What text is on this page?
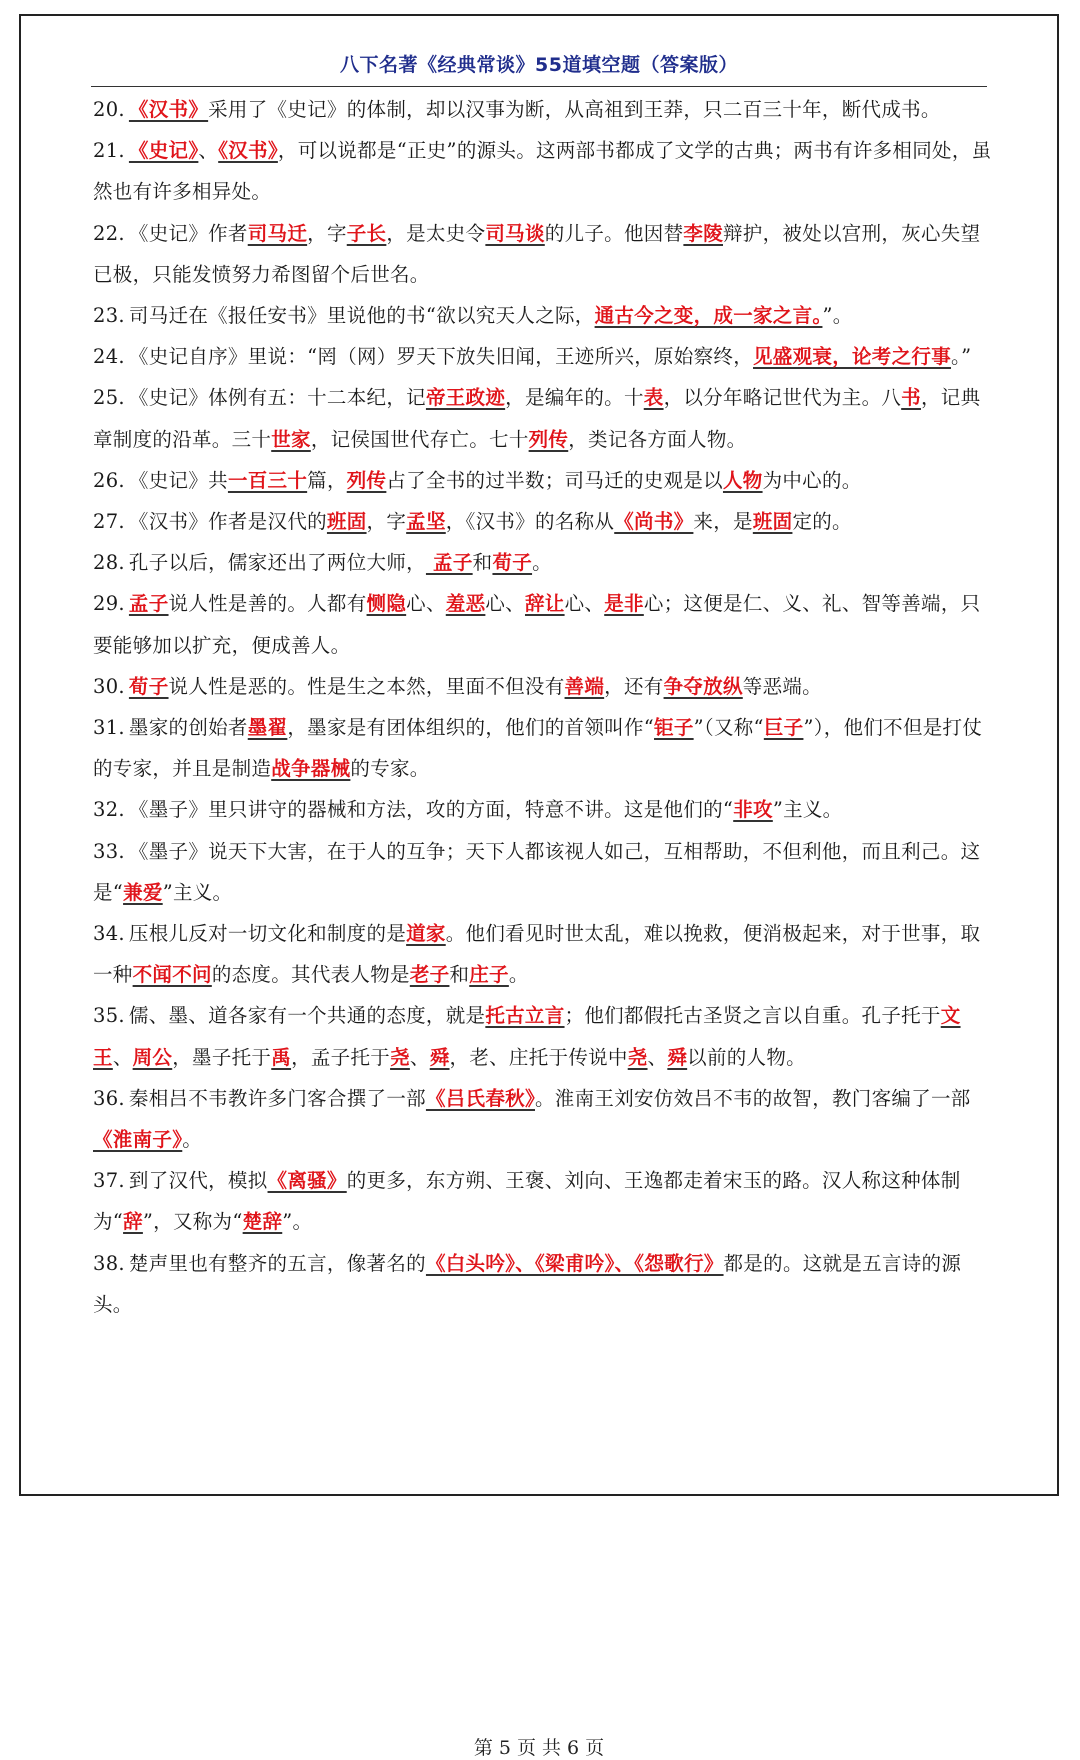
八下名著《经典常谈》55道填空题（答案版）

20. 《汉书》采用了《史记》的体制，却以汉事为断，从高祖到王莽，只二百三十年，断代成书。

21. 《史记》、《汉书》，可以说都是“正史”的源头。这两部书都成了文学的古典；两书有许多相同处，虽然也有许多相异处。

22. 《史记》作者司马迁，字子长，是太史令司马谈的儿子。他因替李陵辩护，被处以宫刑，灰心失望已极，只能发愤努力希图留个后世名。

23. 司马迁在《报任安书》里说他的书“欲以究天人之际，通古今之变，成一家之言。”。

24. 《史记自序》里说：“罔（网）罗天下放失旧闻，王迹所兴，原始察终，见盛观衰，论考之行事。”

25. 《史记》体例有五：十二本纪，记帝王政迹，是编年的。十表，以分年略记世代为主。八书，记典章制度的沿革。三十世家，记侯国世代存亡。七十列传，类记各方面人物。

26. 《史记》共一百三十篇，列传占了全书的过半数；司马迁的史观是以人物为中心的。

27. 《汉书》作者是汉代的班固，字孟坚，《汉书》的名称从《尚书》来，是班固定的。

28. 孔子以后，儒家还出了两位大师， 孟子和荀子。

29. 孟子说人性是善的。人都有恻隐心、羞恶心、辞让心、是非心；这便是仁、义、礼、智等善端，只要能够加以扩充，便成善人。

30. 荀子说人性是恶的。性是生之本然，里面不但没有善端，还有争夺放纵等恶端。

31. 墨家的创始者墨翟，墨家是有团体组织的，他们的首领叫作“钜子”（又称“巨子”），他们不但是打仗的专家，并且是制造战争器械的专家。

32. 《墨子》里只讲守的器械和方法，攻的方面，特意不讲。这是他们的“非攻”主义。

33. 《墨子》说天下大害，在于人的互争；天下人都该视人如己，互相帮助，不但利他，而且利己。这是“兼爱”主义。

34. 压根儿反对一切文化和制度的是道家。他们看见时世太乱，难以挽救，便消极起来，对于世事，取一种不闻不问的态度。其代表人物是老子和庄子。

35. 儒、墨、道各家有一个共通的态度，就是托古立言；他们都假托古圣贤之言以自重。孔子托于文王、周公，墨子托于禹，孟子托于尧、舜，老、庄托于传说中尧、舜以前的人物。

36. 秦相吕不韦教许多门客合撰了一部《吕氏春秋》。淮南王刘安仿效吕不韦的故智，教门客编了一部《淮南子》。

37. 到了汉代，模拟《离骚》的更多，东方朔、王褒、刘向、王逸都走着宋玉的路。汉人称这种体制为“辞”，又称为“楚辞”。

38. 楚声里也有整齐的五言，像著名的《白头吟》、《梁甫吟》、《怨歌行》都是的。这就是五言诗的源头。

第 5 页 共 6 页
